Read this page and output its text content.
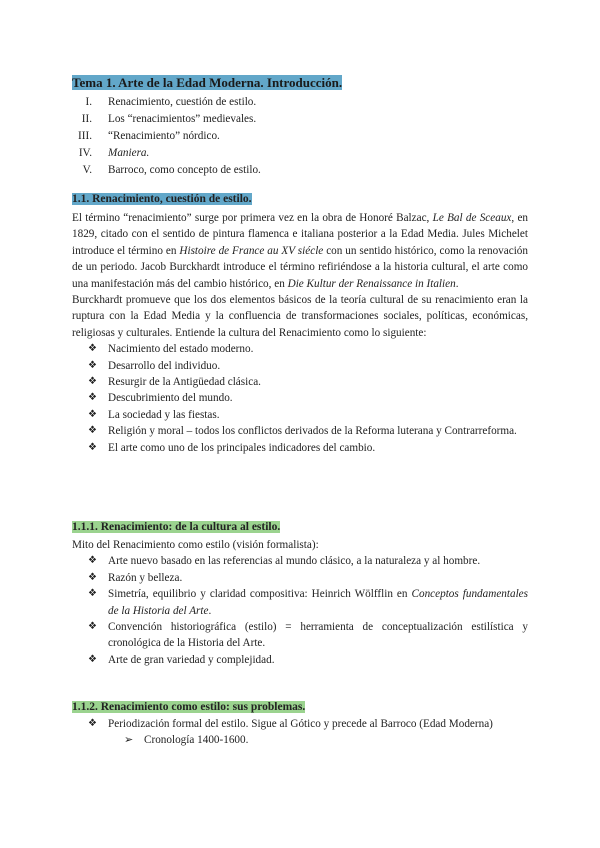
Tema 1. Arte de la Edad Moderna. Introducción.
I. Renacimiento, cuestión de estilo.
II. Los “renacimientos” medievales.
III. “Renacimiento” nórdico.
IV. Maniera.
V. Barroco, como concepto de estilo.
1.1. Renacimiento, cuestión de estilo.

El término “renacimiento” surge por primera vez en la obra de Honoré Balzac, Le Bal de Sceaux, en 1829, citado con el sentido de pintura flamenca e italiana posterior a la Edad Media. Jules Michelet introduce el término en Histoire de France au XV siécle con un sentido histórico, como la renovación de un periodo. Jacob Burckhardt introduce el término refiriéndose a la historia cultural, el arte como una manifestación más del cambio histórico, en Die Kultur der Renaissance in Italien.

Burckhardt promueve que los dos elementos básicos de la teoría cultural de su renacimiento eran la ruptura con la Edad Media y la confluencia de transformaciones sociales, políticas, económicas, religiosas y culturales. Entiende la cultura del Renacimiento como lo siguiente:

❖ Nacimiento del estado moderno.
❖ Desarrollo del individuo.
❖ Resurgir de la Antigüedad clásica.
❖ Descubrimiento del mundo.
❖ La sociedad y las fiestas.
❖ Religión y moral – todos los conflictos derivados de la Reforma luterana y Contrarreforma.
❖ El arte como uno de los principales indicadores del cambio.
1.1.1. Renacimiento: de la cultura al estilo.

Mito del Renacimiento como estilo (visión formalista):

❖ Arte nuevo basado en las referencias al mundo clásico, a la naturaleza y al hombre.
❖ Razón y belleza.
❖ Simetría, equilibrio y claridad compositiva: Heinrich Wölfflin en Conceptos fundamentales de la Historia del Arte.
❖ Convención historiográfica (estilo) = herramienta de conceptualización estilística y cronológica de la Historia del Arte.
❖ Arte de gran variedad y complejidad.
1.1.2. Renacimiento como estilo: sus problemas.
❖ Periodización formal del estilo. Sigue al Gótico y precede al Barroco (Edad Moderna)
➢ Cronología 1400-1600.
